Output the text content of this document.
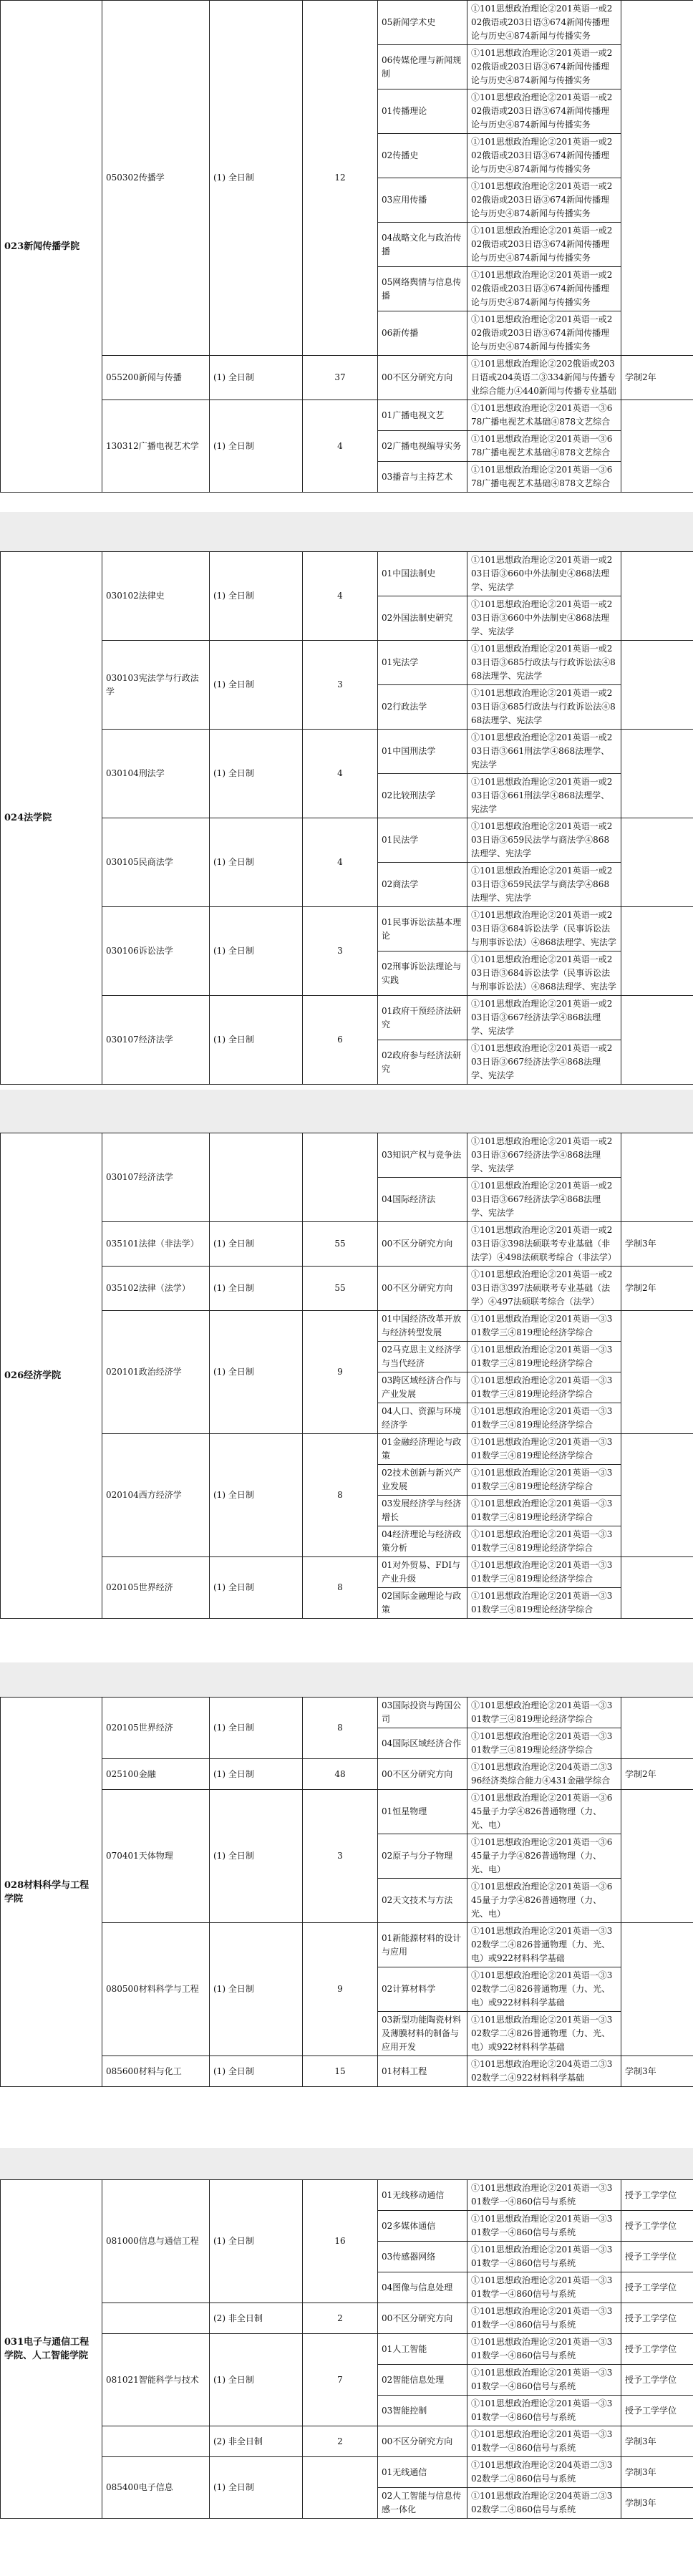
023新闻传播学院	050302传播学	(1) 全日制	12	05新闻学术史	①101思想政治理论②201英语一或202俄语或203日语③674新闻传播理论与历史④874新闻与传播实务	
				06传媒伦理与新闻规制	①101思想政治理论②201英语一或202俄语或203日语③674新闻传播理论与历史④874新闻与传播实务	
				01传播理论	①101思想政治理论②201英语一或202俄语或203日语③674新闻传播理论与历史④874新闻与传播实务	
				02传播史	①101思想政治理论②201英语一或202俄语或203日语③674新闻传播理论与历史④874新闻与传播实务	
				03应用传播	①101思想政治理论②201英语一或202俄语或203日语③674新闻传播理论与历史④874新闻与传播实务	
				04战略文化与政治传播	①101思想政治理论②201英语一或202俄语或203日语③674新闻传播理论与历史④874新闻与传播实务	
				05网络舆情与信息传播	①101思想政治理论②201英语一或202俄语或203日语③674新闻传播理论与历史④874新闻与传播实务	
				06新传播	①101思想政治理论②201英语一或202俄语或203日语③674新闻传播理论与历史④874新闻与传播实务	
	055200新闻与传播	(1) 全日制	37	00不区分研究方向	①101思想政治理论②202俄语或203日语或204英语二③334新闻与传播专业综合能力④440新闻与传播专业基础	学制2年
	130312广播电视艺术学	(1) 全日制	4	01广播电视文艺	①101思想政治理论②201英语一③678广播电视艺术基础④878文艺综合	
				02广播电视编导实务	①101思想政治理论②201英语一③678广播电视艺术基础④878文艺综合	
				03播音与主持艺术	①101思想政治理论②201英语一③678广播电视艺术基础④878文艺综合	
024法学院	030102法律史	(1) 全日制	4	01中国法制史	①101思想政治理论②201英语一或203日语③660中外法制史④868法理学、宪法学	
				02外国法制史研究	①101思想政治理论②201英语一或203日语③660中外法制史④868法理学、宪法学	
	030103宪法学与行政法学	(1) 全日制	3	01宪法学	①101思想政治理论②201英语一或203日语③685行政法与行政诉讼法④868法理学、宪法学	
				02行政法学	①101思想政治理论②201英语一或203日语③685行政法与行政诉讼法④868法理学、宪法学	
	030104刑法学	(1) 全日制	4	01中国刑法学	①101思想政治理论②201英语一或203日语③661刑法学④868法理学、宪法学	
				02比较刑法学	①101思想政治理论②201英语一或203日语③661刑法学④868法理学、宪法学	
	030105民商法学	(1) 全日制	4	01民法学	①101思想政治理论②201英语一或203日语③659民法学与商法学④868法理学、宪法学	
				02商法学	①101思想政治理论②201英语一或203日语③659民法学与商法学④868法理学、宪法学	
	030106诉讼法学	(1) 全日制	3	01民事诉讼法基本理论	①101思想政治理论②201英语一或203日语③684诉讼法学（民事诉讼法与刑事诉讼法）④868法理学、宪法学	
				02刑事诉讼法理论与实践	①101思想政治理论②201英语一或203日语③684诉讼法学（民事诉讼法与刑事诉讼法）④868法理学、宪法学	
	030107经济法学	(1) 全日制	6	01政府干预经济法研究	①101思想政治理论②201英语一或203日语③667经济法学④868法理学、宪法学	
				02政府参与经济法研究	①101思想政治理论②201英语一或203日语③667经济法学④868法理学、宪法学	
026经济学院	030107经济法学			03知识产权与竞争法	①101思想政治理论②201英语一或203日语③667经济法学④868法理学、宪法学	
				04国际经济法	①101思想政治理论②201英语一或203日语③667经济法学④868法理学、宪法学	
	035101法律（非法学）	(1) 全日制	55	00不区分研究方向	①101思想政治理论②201英语一或203日语③398法硕联考专业基础（非法学）④498法硕联考综合（非法学）	学制3年
	035102法律（法学）	(1) 全日制	55	00不区分研究方向	①101思想政治理论②201英语一或203日语③397法硕联考专业基础（法学）④497法硕联考综合（法学）	学制2年
	020101政治经济学	(1) 全日制	9	01中国经济改革开放与经济转型发展	①101思想政治理论②201英语一③301数学三④819理论经济学综合	
				02马克思主义经济学与当代经济	①101思想政治理论②201英语一③301数学三④819理论经济学综合	
				03跨区域经济合作与产业发展	①101思想政治理论②201英语一③301数学三④819理论经济学综合	
				04人口、资源与环境经济学	①101思想政治理论②201英语一③301数学三④819理论经济学综合	
	020104西方经济学	(1) 全日制	8	01金融经济理论与政策	①101思想政治理论②201英语一③301数学三④819理论经济学综合	
				02技术创新与新兴产业发展	①101思想政治理论②201英语一③301数学三④819理论经济学综合	
				03发展经济学与经济增长	①101思想政治理论②201英语一③301数学三④819理论经济学综合	
				04经济理论与经济政策分析	①101思想政治理论②201英语一③301数学三④819理论经济学综合	
	020105世界经济	(1) 全日制	8	01对外贸易、FDI与产业升级	①101思想政治理论②201英语一③301数学三④819理论经济学综合	
				02国际金融理论与政策	①101思想政治理论②201英语一③301数学三④819理论经济学综合	
028材料科学与工程学院	020105世界经济	(1) 全日制	8	03国际投资与跨国公司	①101思想政治理论②201英语一③301数学三④819理论经济学综合	
				04国际区域经济合作	①101思想政治理论②201英语一③301数学三④819理论经济学综合	
	025100金融	(1) 全日制	48	00不区分研究方向	①101思想政治理论②204英语二③396经济类综合能力④431金融学综合	学制2年
	070401天体物理	(1) 全日制	3	01恒星物理	①101思想政治理论②201英语一③645量子力学④826普通物理（力、光、电）	
				02原子与分子物理	①101思想政治理论②201英语一③645量子力学④826普通物理（力、光、电）	
				02天文技术与方法	①101思想政治理论②201英语一③645量子力学④826普通物理（力、光、电）	
	080500材料科学与工程	(1) 全日制	9	01新能源材料的设计与应用	①101思想政治理论②201英语一③302数学二④826普通物理（力、光、电）或922材料科学基础	
				02计算材料学	①101思想政治理论②201英语一③302数学二④826普通物理（力、光、电）或922材料科学基础	
				03新型功能陶瓷材料及薄膜材料的制备与应用开发	①101思想政治理论②201英语一③302数学二④826普通物理（力、光、电）或922材料科学基础	
	085600材料与化工	(1) 全日制	15	01材料工程	①101思想政治理论②204英语二③302数学二④922材料科学基础	学制3年
031电子与通信工程学院、人工智能学院	081000信息与通信工程	(1) 全日制	16	01无线移动通信	①101思想政治理论②201英语一③301数学一④860信号与系统	授予工学学位
				02多媒体通信	①101思想政治理论②201英语一③301数学一④860信号与系统	授予工学学位
				03传感器网络	①101思想政治理论②201英语一③301数学一④860信号与系统	授予工学学位
				04图像与信息处理	①101思想政治理论②201英语一③301数学一④860信号与系统	授予工学学位
		(2) 非全日制	2	00不区分研究方向	①101思想政治理论②201英语一③301数学一④860信号与系统	授予工学学位
	081021智能科学与技术	(1) 全日制	7	01人工智能	①101思想政治理论②201英语一③301数学一④860信号与系统	授予工学学位
				02智能信息处理	①101思想政治理论②201英语一③301数学一④860信号与系统	授予工学学位
				03智能控制	①101思想政治理论②201英语一③301数学一④860信号与系统	授予工学学位
		(2) 非全日制	2	00不区分研究方向	①101思想政治理论②201英语一③301数学一④860信号与系统	学制3年
	085400电子信息	(1) 全日制		01无线通信	①101思想政治理论②204英语二③302数学二④860信号与系统	学制3年
				02人工智能与信息传感一体化	①101思想政治理论②204英语二③302数学二④860信号与系统	学制3年
